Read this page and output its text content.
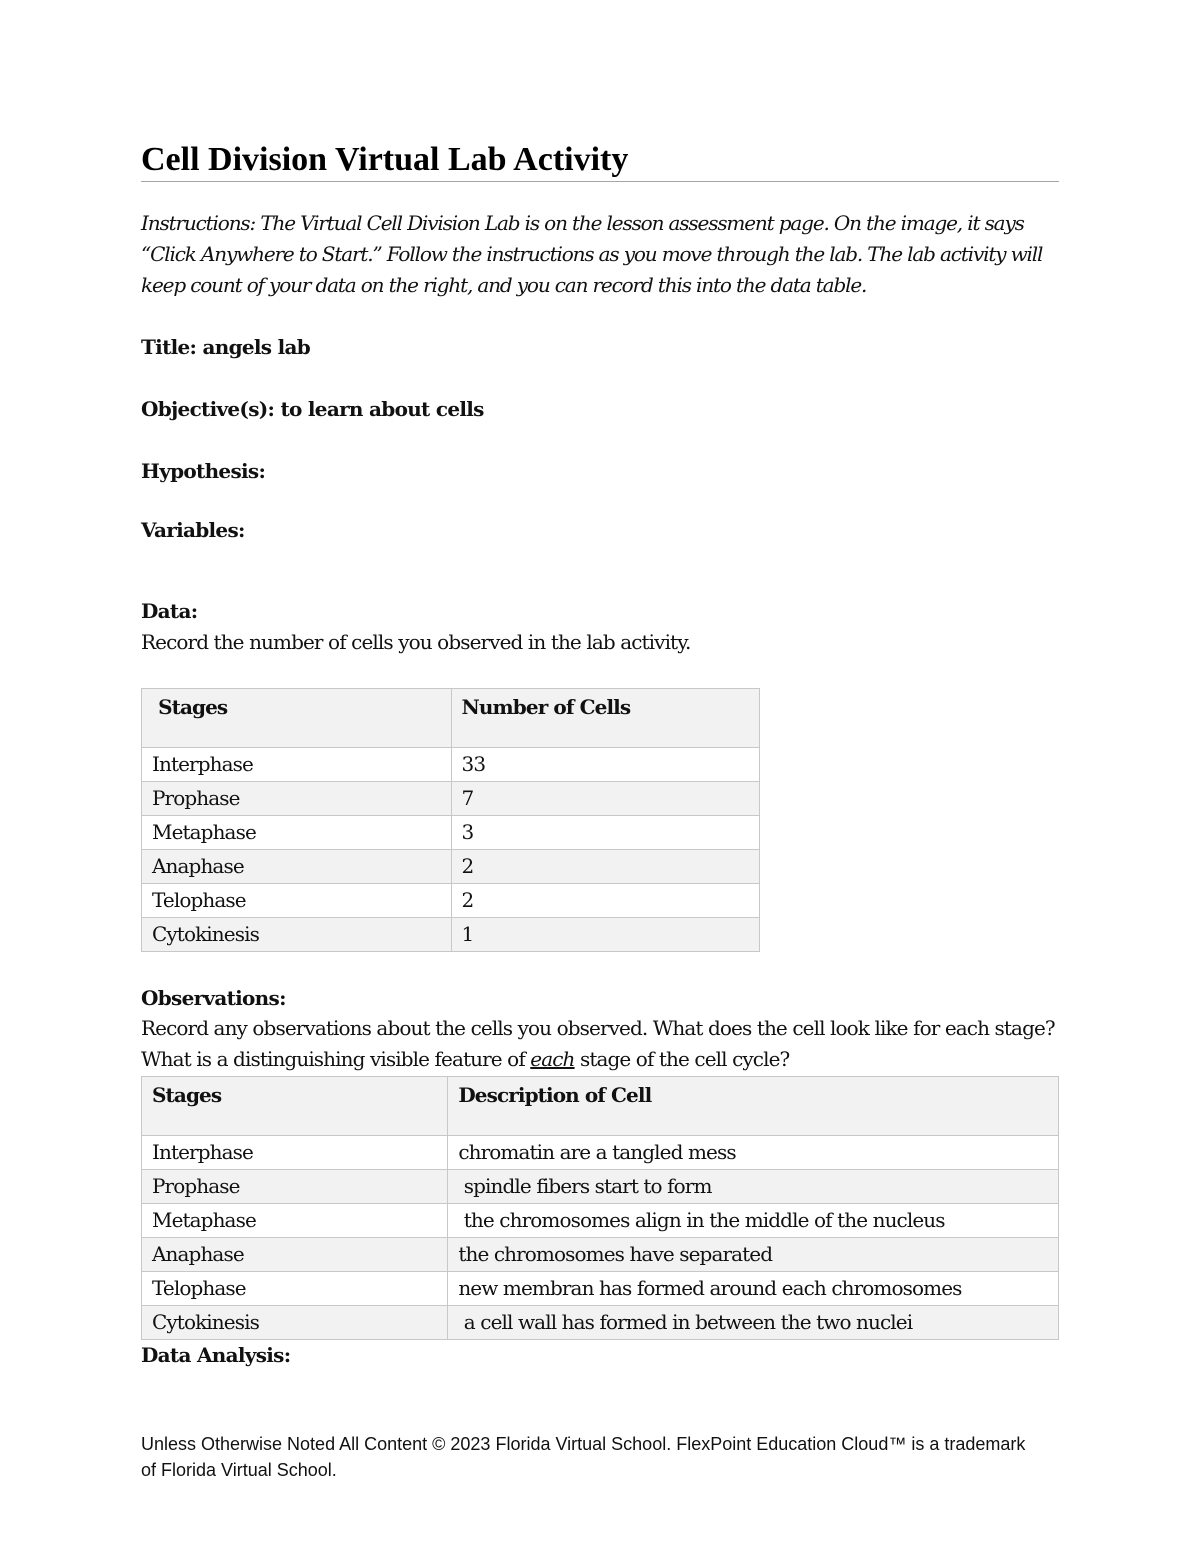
Cell Division Virtual Lab Activity

Instructions: The Virtual Cell Division Lab is on the lesson assessment page. On the image, it says “Click Anywhere to Start.” Follow the instructions as you move through the lab. The lab activity will keep count of your data on the right, and you can record this into the data table.

Title: angels lab

Objective(s): to learn about cells

Hypothesis:

Variables:

Data:

Record the number of cells you observed in the lab activity.

Stages	Number of Cells
Interphase	33
Prophase	7
Metaphase	3
Anaphase	2
Telophase	2
Cytokinesis	1

Observations:

Record any observations about the cells you observed. What does the cell look like for each stage? What is a distinguishing visible feature of each stage of the cell cycle?

Stages	Description of Cell
Interphase	chromatin are a tangled mess
Prophase	spindle fibers start to form
Metaphase	the chromosomes align in the middle of the nucleus
Anaphase	the chromosomes have separated
Telophase	new membran has formed around each chromosomes
Cytokinesis	a cell wall has formed in between the two nuclei

Data Analysis:

Unless Otherwise Noted All Content © 2023 Florida Virtual School. FlexPoint Education Cloud™ is a trademark of Florida Virtual School.
